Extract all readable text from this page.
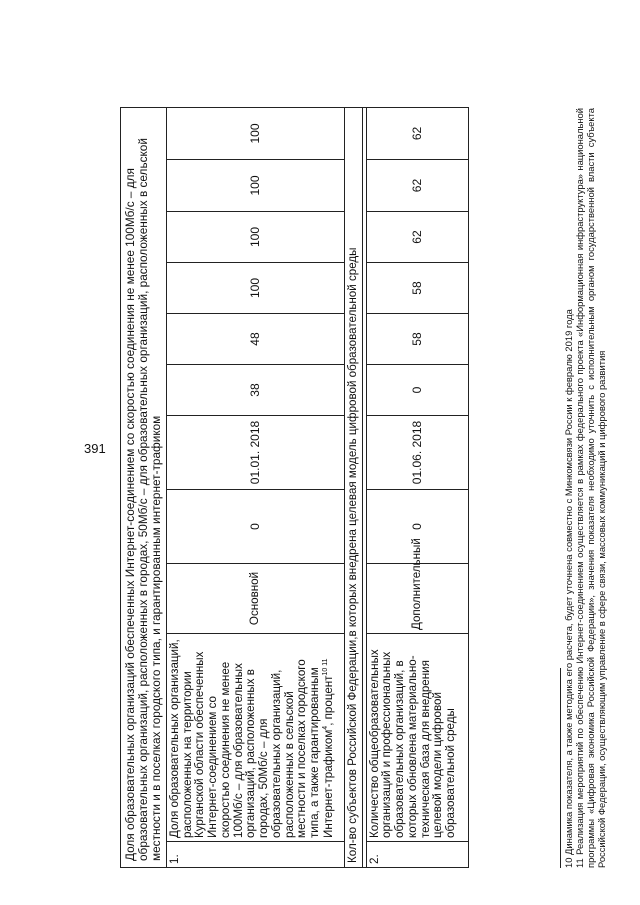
391 Доля образовательных организаций обеспеченных Интернет-соединением со скоростью соединения не менее 100Мб/с – для образовательных организаций, расположенных в городах, 50Мб/с – для образовательных организаций, расположенных в сельской местности и в поселках городского типа, и гарантированным интернет-трафиком										
1.	Доля образовательных организаций, расположенных на территории Курганской области обеспеченных Интернет-соединением со скоростью соединения не менее 100Мб/с – для образовательных организаций, расположенных в городах, 50Мб/с – для образовательных организаций, расположенных в сельской местности и поселках городского типа, а также гарантированным Интернет-трафиком$^4$, процент$^{10 11}$	Основной	0	01.01. 2018	38	48	100	100	100	100
Кол-во субъектов Российской Федерации,в которых внедрена целевая модель цифровой образовательной среды										

2.	Количество общеобразовательных организаций и профессиональных образовательных организаций, в которых обновлена материально-техническая база для внедрения целевой модели цифровой образовательной среды	Дополнительный	0	01.06. 2018	0	58	58	62	62	62
10 Динамика показателя, а также методика его расчета, будет уточнена совместно с Минкомсвязи России к февралю 2019 года 11 Реализация мероприятий по обеспечению Интернет-соединением осуществляется в рамках федерального проекта «Информационная инфраструктура» национальной программы «Цифровая экономика Российской Федерации», значения показателя необходимо уточнить с исполнительным органом государственной власти субъекта Российской Федерации, осуществляющим управление в сфере связи, массовых коммуникаций и цифрового развития
